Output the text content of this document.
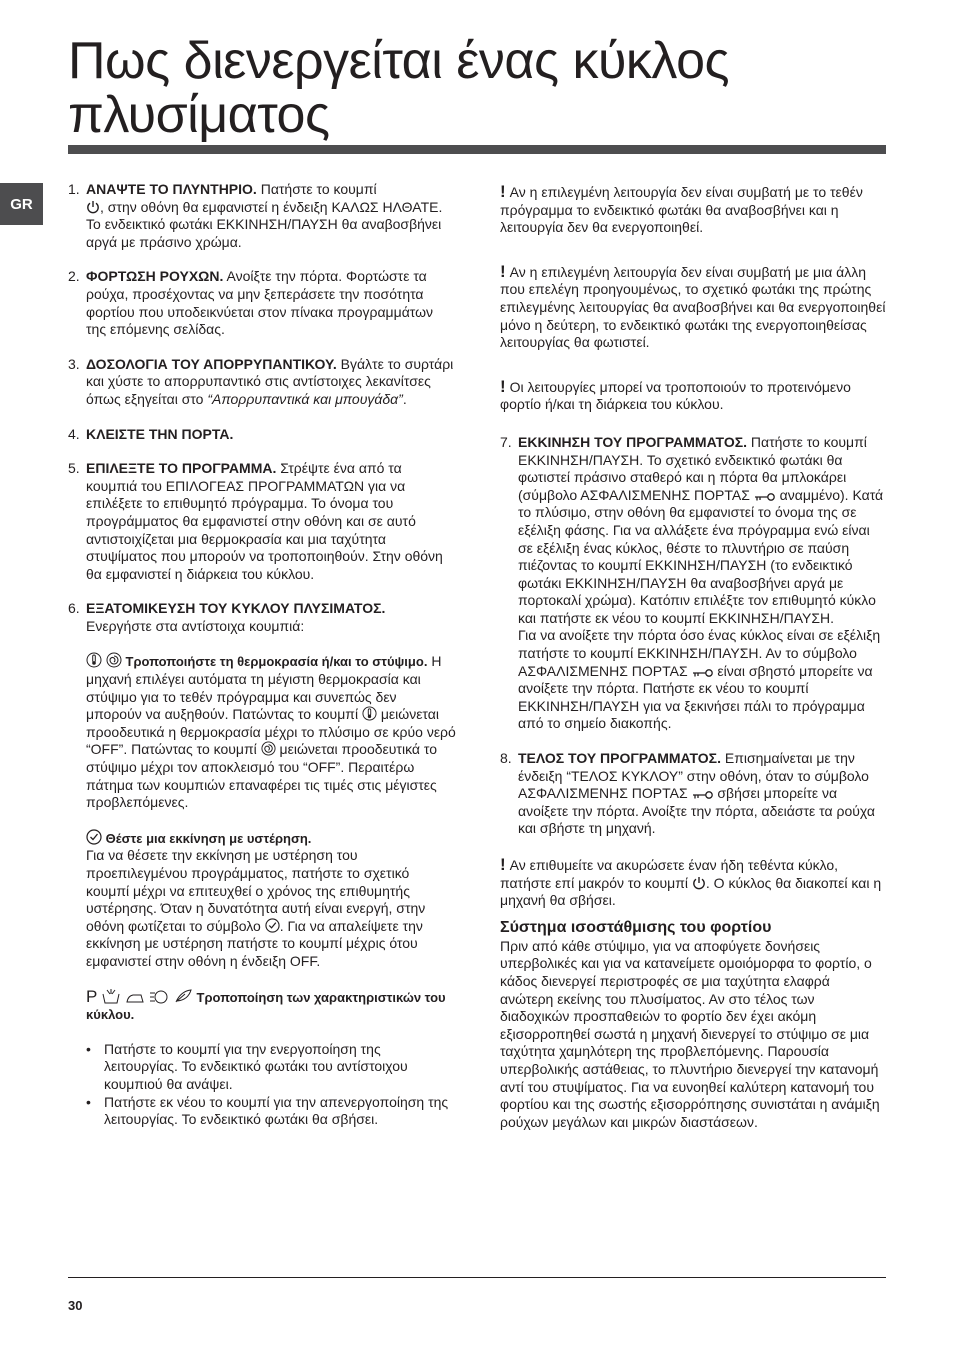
Πως διενεργείται ένας κύκλος
πλυσίματος
GR
1. ΑΝΑΨΤΕ ΤΟ ΠΛΥΝΤΗΡΙΟ. Πατήστε το κουμπί
, στην οθόνη θα εμφανιστεί η ένδειξη ΚΑΛΩΣ ΗΛΘΑΤΕ. Το ενδεικτικό φωτάκι ΕΚΚΙΝΗΣΗ/ΠΑΥΣΗ θα αναβοσβήνει αργά με πράσινο χρώμα.
2. ΦΟΡΤΩΣΗ ΡΟΥΧΩΝ. Ανοίξτε την πόρτα. Φορτώστε τα ρούχα, προσέχοντας να μην ξεπεράσετε την ποσότητα φορτίου που υποδεικνύεται στον πίνακα προγραμμάτων της επόμενης σελίδας.
3. ΔΟΣΟΛΟΓΙΑ ΤΟΥ ΑΠΟΡΡΥΠΑΝΤΙΚΟΥ. Βγάλτε το συρτάρι και χύστε το απορρυπαντικό στις αντίστοιχες λεκανίτσες όπως εξηγείται στο “Απορρυπαντικά και μπουγάδα”.
4. ΚΛΕΙΣΤΕ ΤΗΝ ΠΟΡΤΑ.
5. ΕΠΙΛΕΞΤΕ ΤΟ ΠΡΟΓΡΑΜΜΑ. Στρέψτε ένα από τα κουμπιά του ΕΠΙΛΟΓΕΑΣ ΠΡΟΓΡΑΜΜΑΤΩΝ για να επιλέξετε το επιθυμητό πρόγραμμα. Το όνομα του προγράμματος θα εμφανιστεί στην οθόνη και σε αυτό αντιστοιχίζεται μια θερμοκρασία και μια ταχύτητα στυψίματος που μπορούν να τροποποιηθούν. Στην οθόνη θα εμφανιστεί η διάρκεια του κύκλου.
6. ΕΞΑΤΟΜΙΚΕΥΣΗ ΤΟΥ ΚΥΚΛΟΥ ΠΛΥΣΙΜΑΤΟΣ.
Ενεργήστε στα αντίστοιχα κουμπιά:
Τροποποιήστε τη θερμοκρασία ή/και το στύψιμο. Η μηχανή επιλέγει αυτόματα τη μέγιστη θερμοκρασία και στύψιμο για το τεθέν πρόγραμμα και συνεπώς δεν μπορούν να αυξηθούν. Πατώντας το κουμπί  μειώνεται προοδευτικά η θερμοκρασία μέχρι το πλύσιμο σε κρύο νερό “OFF”. Πατώντας το κουμπί  μειώνεται προοδευτικά το στύψιμο μέχρι τον αποκλεισμό του “OFF”. Περαιτέρω πάτημα των κουμπιών επαναφέρει τις τιμές στις μέγιστες προβλεπόμενες.
Θέστε μια εκκίνηση με υστέρηση.
Για να θέσετε την εκκίνηση με υστέρηση του προεπιλεγμένου προγράμματος, πατήστε το σχετικό κουμπί μέχρι να επιτευχθεί ο χρόνος της επιθυμητής υστέρησης. Όταν η δυνατότητα αυτή είναι ενεργή, στην οθόνη φωτίζεται το σύμβολο . Για να απαλείψετε την εκκίνηση με υστέρηση πατήστε το κουμπί μέχρις ότου εμφανιστεί στην οθόνη η ένδειξη OFF.
P	Τροποποίηση των χαρακτηριστικών του κύκλου.
• Πατήστε το κουμπί για την ενεργοποίηση της λειτουργίας. Το ενδεικτικό φωτάκι του αντίστοιχου κουμπιού θα ανάψει.
• Πατήστε εκ νέου το κουμπί για την απενεργοποίηση της λειτουργίας. Το ενδεικτικό φωτάκι θα σβήσει.
! Αν η επιλεγμένη λειτουργία δεν είναι συμβατή με το τεθέν πρόγραμμα το ενδεικτικό φωτάκι θα αναβοσβήνει και η λειτουργία δεν θα ενεργοποιηθεί.
! Αν η επιλεγμένη λειτουργία δεν είναι συμβατή με μια άλλη που επελέγη προηγουμένως, το σχετικό φωτάκι της πρώτης επιλεγμένης λειτουργίας θα αναβοσβήνει και θα ενεργοποιηθεί μόνο η δεύτερη, το ενδεικτικό φωτάκι της ενεργοποιηθείσας λειτουργίας θα φωτιστεί.
! Οι λειτουργίες μπορεί να τροποποιούν το προτεινόμενο φορτίο ή/και τη διάρκεια του κύκλου.
7. ΕΚΚΙΝΗΣΗ ΤΟΥ ΠΡΟΓΡΑΜΜΑΤΟΣ. Πατήστε το κουμπί ΕΚΚΙΝΗΣΗ/ΠΑΥΣΗ. Το σχετικό ενδεικτικό φωτάκι θα φωτιστεί πράσινο σταθερό και η πόρτα θα μπλοκάρει (σύμβολο ΑΣΦΑΛΙΣΜΕΝΗΣ ΠΟΡΤΑΣ  αναμμένο). Κατά το πλύσιμο, στην οθόνη θα εμφανιστεί το όνομα της σε εξέλιξη φάσης. Για να αλλάξετε ένα πρόγραμμα ενώ είναι σε εξέλιξη ένας κύκλος, θέστε το πλυντήριο σε παύση πιέζοντας το κουμπί ΕΚΚΙΝΗΣΗ/ΠΑΥΣΗ (το ενδεικτικό φωτάκι ΕΚΚΙΝΗΣΗ/ΠΑΥΣΗ θα αναβοσβήνει αργά με πορτοκαλί χρώμα). Κατόπιν επιλέξτε τον επιθυμητό κύκλο και πατήστε εκ νέου το κουμπί ΕΚΚΙΝΗΣΗ/ΠΑΥΣΗ.
Για να ανοίξετε την πόρτα όσο ένας κύκλος είναι σε εξέλιξη πατήστε το κουμπί ΕΚΚΙΝΗΣΗ/ΠΑΥΣΗ. Αν το σύμβολο ΑΣΦΑΛΙΣΜΕΝΗΣ ΠΟΡΤΑΣ  είναι σβηστό μπορείτε να ανοίξετε την πόρτα. Πατήστε εκ νέου το κουμπί ΕΚΚΙΝΗΣΗ/ΠΑΥΣΗ για να ξεκινήσει πάλι το πρόγραμμα από το σημείο διακοπής.
8. ΤΕΛΟΣ ΤΟΥ ΠΡΟΓΡΑΜΜΑΤΟΣ. Επισημαίνεται με την ένδειξη “ΤΕΛΟΣ ΚΥΚΛΟΥ” στην οθόνη, όταν το σύμβολο ΑΣΦΑΛΙΣΜΕΝΗΣ ΠΟΡΤΑΣ  σβήσει μπορείτε να ανοίξετε την πόρτα. Ανοίξτε την πόρτα, αδειάστε τα ρούχα και σβήστε τη μηχανή.
! Αν επιθυμείτε να ακυρώσετε έναν ήδη τεθέντα κύκλο, πατήστε επί μακρόν το κουμπί . Ο κύκλος θα διακοπεί και η μηχανή θα σβήσει.
Σύστημα ισοστάθμισης του φορτίου
Πριν από κάθε στύψιμο, για να αποφύγετε δονήσεις υπερβολικές και για να κατανείμετε ομοιόμορφα το φορτίο, ο κάδος διενεργεί περιστροφές σε μια ταχύτητα ελαφρά ανώτερη εκείνης του πλυσίματος. Αν στο τέλος των διαδοχικών προσπαθειών το φορτίο δεν έχει ακόμη εξισορροπηθεί σωστά η μηχανή διενεργεί το στύψιμο σε μια ταχύτητα χαμηλότερη της προβλεπόμενης. Παρουσία υπερβολικής αστάθειας, το πλυντήριο διενεργεί την κατανομή αντί του στυψίματος. Για να ευνοηθεί καλύτερη κατανομή του φορτίου και της σωστής εξισορρόπησης συνιστάται η ανάμιξη ρούχων μεγάλων και μικρών διαστάσεων.
30
